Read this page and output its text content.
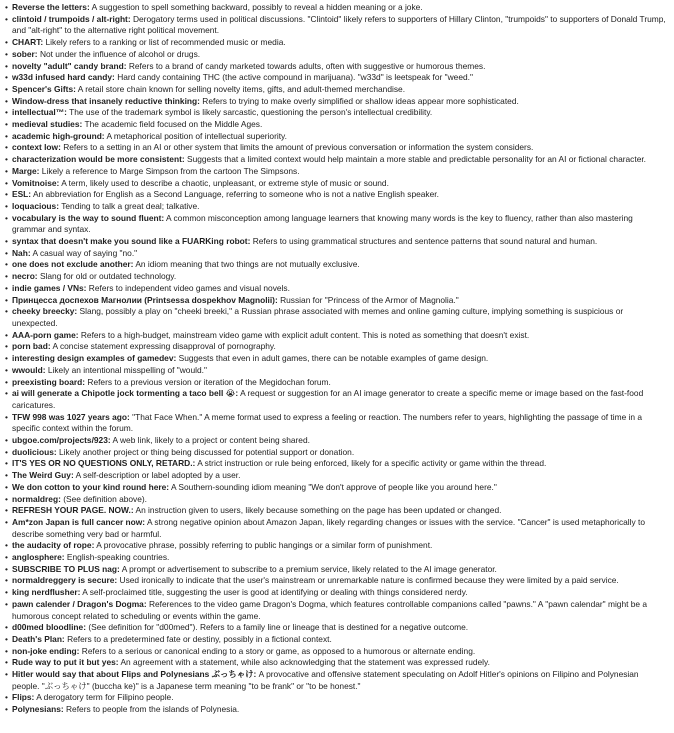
• Reverse the letters: A suggestion to spell something backward, possibly to reveal a hidden meaning or a joke.
• clintoid / trumpoids / alt-right: Derogatory terms used in political discussions. "Clintoid" likely refers to supporters of Hillary Clinton, "trumpoids" to supporters of Donald Trump, and "alt-right" to the alternative right political movement.
• CHART: Likely refers to a ranking or list of recommended music or media.
• sober: Not under the influence of alcohol or drugs.
• novelty "adult" candy brand: Refers to a brand of candy marketed towards adults, often with suggestive or humorous themes.
• w33d infused hard candy: Hard candy containing THC (the active compound in marijuana). "w33d" is leetspeak for "weed."
• Spencer's Gifts: A retail store chain known for selling novelty items, gifts, and adult-themed merchandise.
• Window-dress that insanely reductive thinking: Refers to trying to make overly simplified or shallow ideas appear more sophisticated.
• intellectual™: The use of the trademark symbol is likely sarcastic, questioning the person's intellectual credibility.
• medieval studies: The academic field focused on the Middle Ages.
• academic high-ground: A metaphorical position of intellectual superiority.
• context low: Refers to a setting in an AI or other system that limits the amount of previous conversation or information the system considers.
• characterization would be more consistent: Suggests that a limited context would help maintain a more stable and predictable personality for an AI or fictional character.
• Marge: Likely a reference to Marge Simpson from the cartoon The Simpsons.
• Vomitnoise: A term, likely used to describe a chaotic, unpleasant, or extreme style of music or sound.
• ESL: An abbreviation for English as a Second Language, referring to someone who is not a native English speaker.
• loquacious: Tending to talk a great deal; talkative.
• vocabulary is the way to sound fluent: A common misconception among language learners that knowing many words is the key to fluency, rather than also mastering grammar and syntax.
• syntax that doesn't make you sound like a FUARKing robot: Refers to using grammatical structures and sentence patterns that sound natural and human.
• Nah: A casual way of saying "no."
• one does not exclude another: An idiom meaning that two things are not mutually exclusive.
• necro: Slang for old or outdated technology.
• indie games / VNs: Refers to independent video games and visual novels.
• Принцесса доспехов Магнолии (Printsessa dospekhov Magnolii): Russian for "Princess of the Armor of Magnolia."
• cheeky breecky: Slang, possibly a play on "cheeki breeki," a Russian phrase associated with memes and online gaming culture, implying something is suspicious or unexpected.
• AAA-porn game: Refers to a high-budget, mainstream video game with explicit adult content. This is noted as something that doesn't exist.
• porn bad: A concise statement expressing disapproval of pornography.
• interesting design examples of gamedev: Suggests that even in adult games, there can be notable examples of game design.
• wwould: Likely an intentional misspelling of "would."
• preexisting board: Refers to a previous version or iteration of the Megidochan forum.
• ai will generate a Chipotle jock tormenting a taco bell 😭: A request or suggestion for an AI image generator to create a specific meme or image based on the fast-food caricatures.
• TFW 998 was 1027 years ago: "That Face When." A meme format used to express a feeling or reaction. The numbers refer to years, highlighting the passage of time in a specific context within the forum.
• ubgoe.com/projects/923: A web link, likely to a project or content being shared.
• duolicious: Likely another project or thing being discussed for potential support or donation.
• IT'S YES OR NO QUESTIONS ONLY, RETARD.: A strict instruction or rule being enforced, likely for a specific activity or game within the thread.
• The Weird Guy: A self-description or label adopted by a user.
• We don cotton to your kind round here: A Southern-sounding idiom meaning "We don't approve of people like you around here."
• normaldreg: (See definition above).
• REFRESH YOUR PAGE. NOW.: An instruction given to users, likely because something on the page has been updated or changed.
• Am*zon Japan is full cancer now: A strong negative opinion about Amazon Japan, likely regarding changes or issues with the service. "Cancer" is used metaphorically to describe something very bad or harmful.
• the audacity of rope: A provocative phrase, possibly referring to public hangings or a similar form of punishment.
• anglosphere: English-speaking countries.
• SUBSCRIBE TO PLUS nag: A prompt or advertisement to subscribe to a premium service, likely related to the AI image generator.
• normaldreggery is secure: Used ironically to indicate that the user's mainstream or unremarkable nature is confirmed because they were limited by a paid service.
• king nerdflusher: A self-proclaimed title, suggesting the user is good at identifying or dealing with things considered nerdy.
• pawn calender / Dragon's Dogma: References to the video game Dragon's Dogma, which features controllable companions called "pawns." A "pawn calendar" might be a humorous concept related to scheduling or events within the game.
• d00med bloodline: (See definition for "d00med"). Refers to a family line or lineage that is destined for a negative outcome.
• Death's Plan: Refers to a predetermined fate or destiny, possibly in a fictional context.
• non-joke ending: Refers to a serious or canonical ending to a story or game, as opposed to a humorous or alternate ending.
• Rude way to put it but yes: An agreement with a statement, while also acknowledging that the statement was expressed rudely.
• Hitler would say that about Flips and Polynesians ぶっちゃけ: A provocative and offensive statement speculating on Adolf Hitler's opinions on Filipino and Polynesian people. "ぶっちゃけ" (buccha ke)" is a Japanese term meaning "to be frank" or "to be honest."
• Flips: A derogatory term for Filipino people.
• Polynesians: Refers to people from the islands of Polynesia.
